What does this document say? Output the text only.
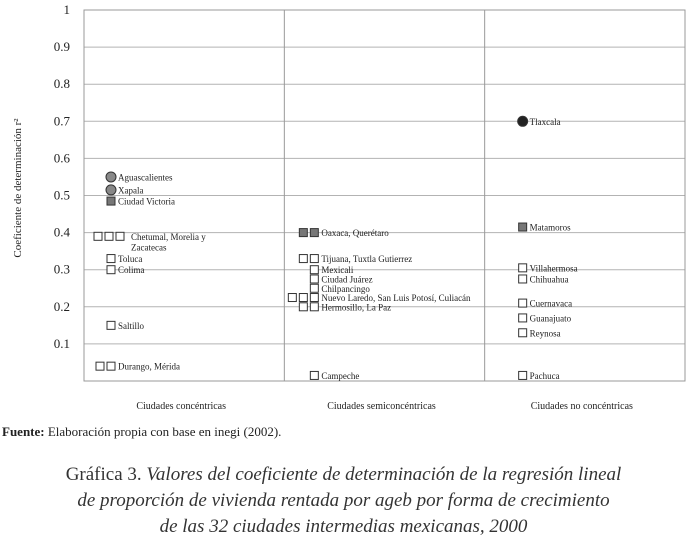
1
0.9
0.8
0.7
0.6
0.5
0.4
0.3
0.2
0.1
Coeficiente de determinación r²
Ciudades concéntricas	Ciudades semiconcéntricas	Ciudades no concéntricas
Aguascalientes
Xapala
Ciudad Victoria
Chetumal, Morelia y
Zacatecas
Toluca
Colima
Saltillo
Durango, Mérida
Oaxaca, Querétaro
Tijuana, Tuxtla Gutierrez
Mexicali
Ciudad Juárez
Chilpancingo
Nuevo Laredo, San Luis Potosí, Culiacán
Hermosillo, La Paz
Campeche
Tlaxcala
Matamoros
Villahermosa
Chihuahua
Cuernavaca
Guanajuato
Reynosa
Pachuca
Fuente: Elaboración propia con base en inegi (2002).
Gráfica 3. Valores del coeficiente de determinación de la regresión lineal
de proporción de vivienda rentada por ageb por forma de crecimiento
de las 32 ciudades intermedias mexicanas, 2000
